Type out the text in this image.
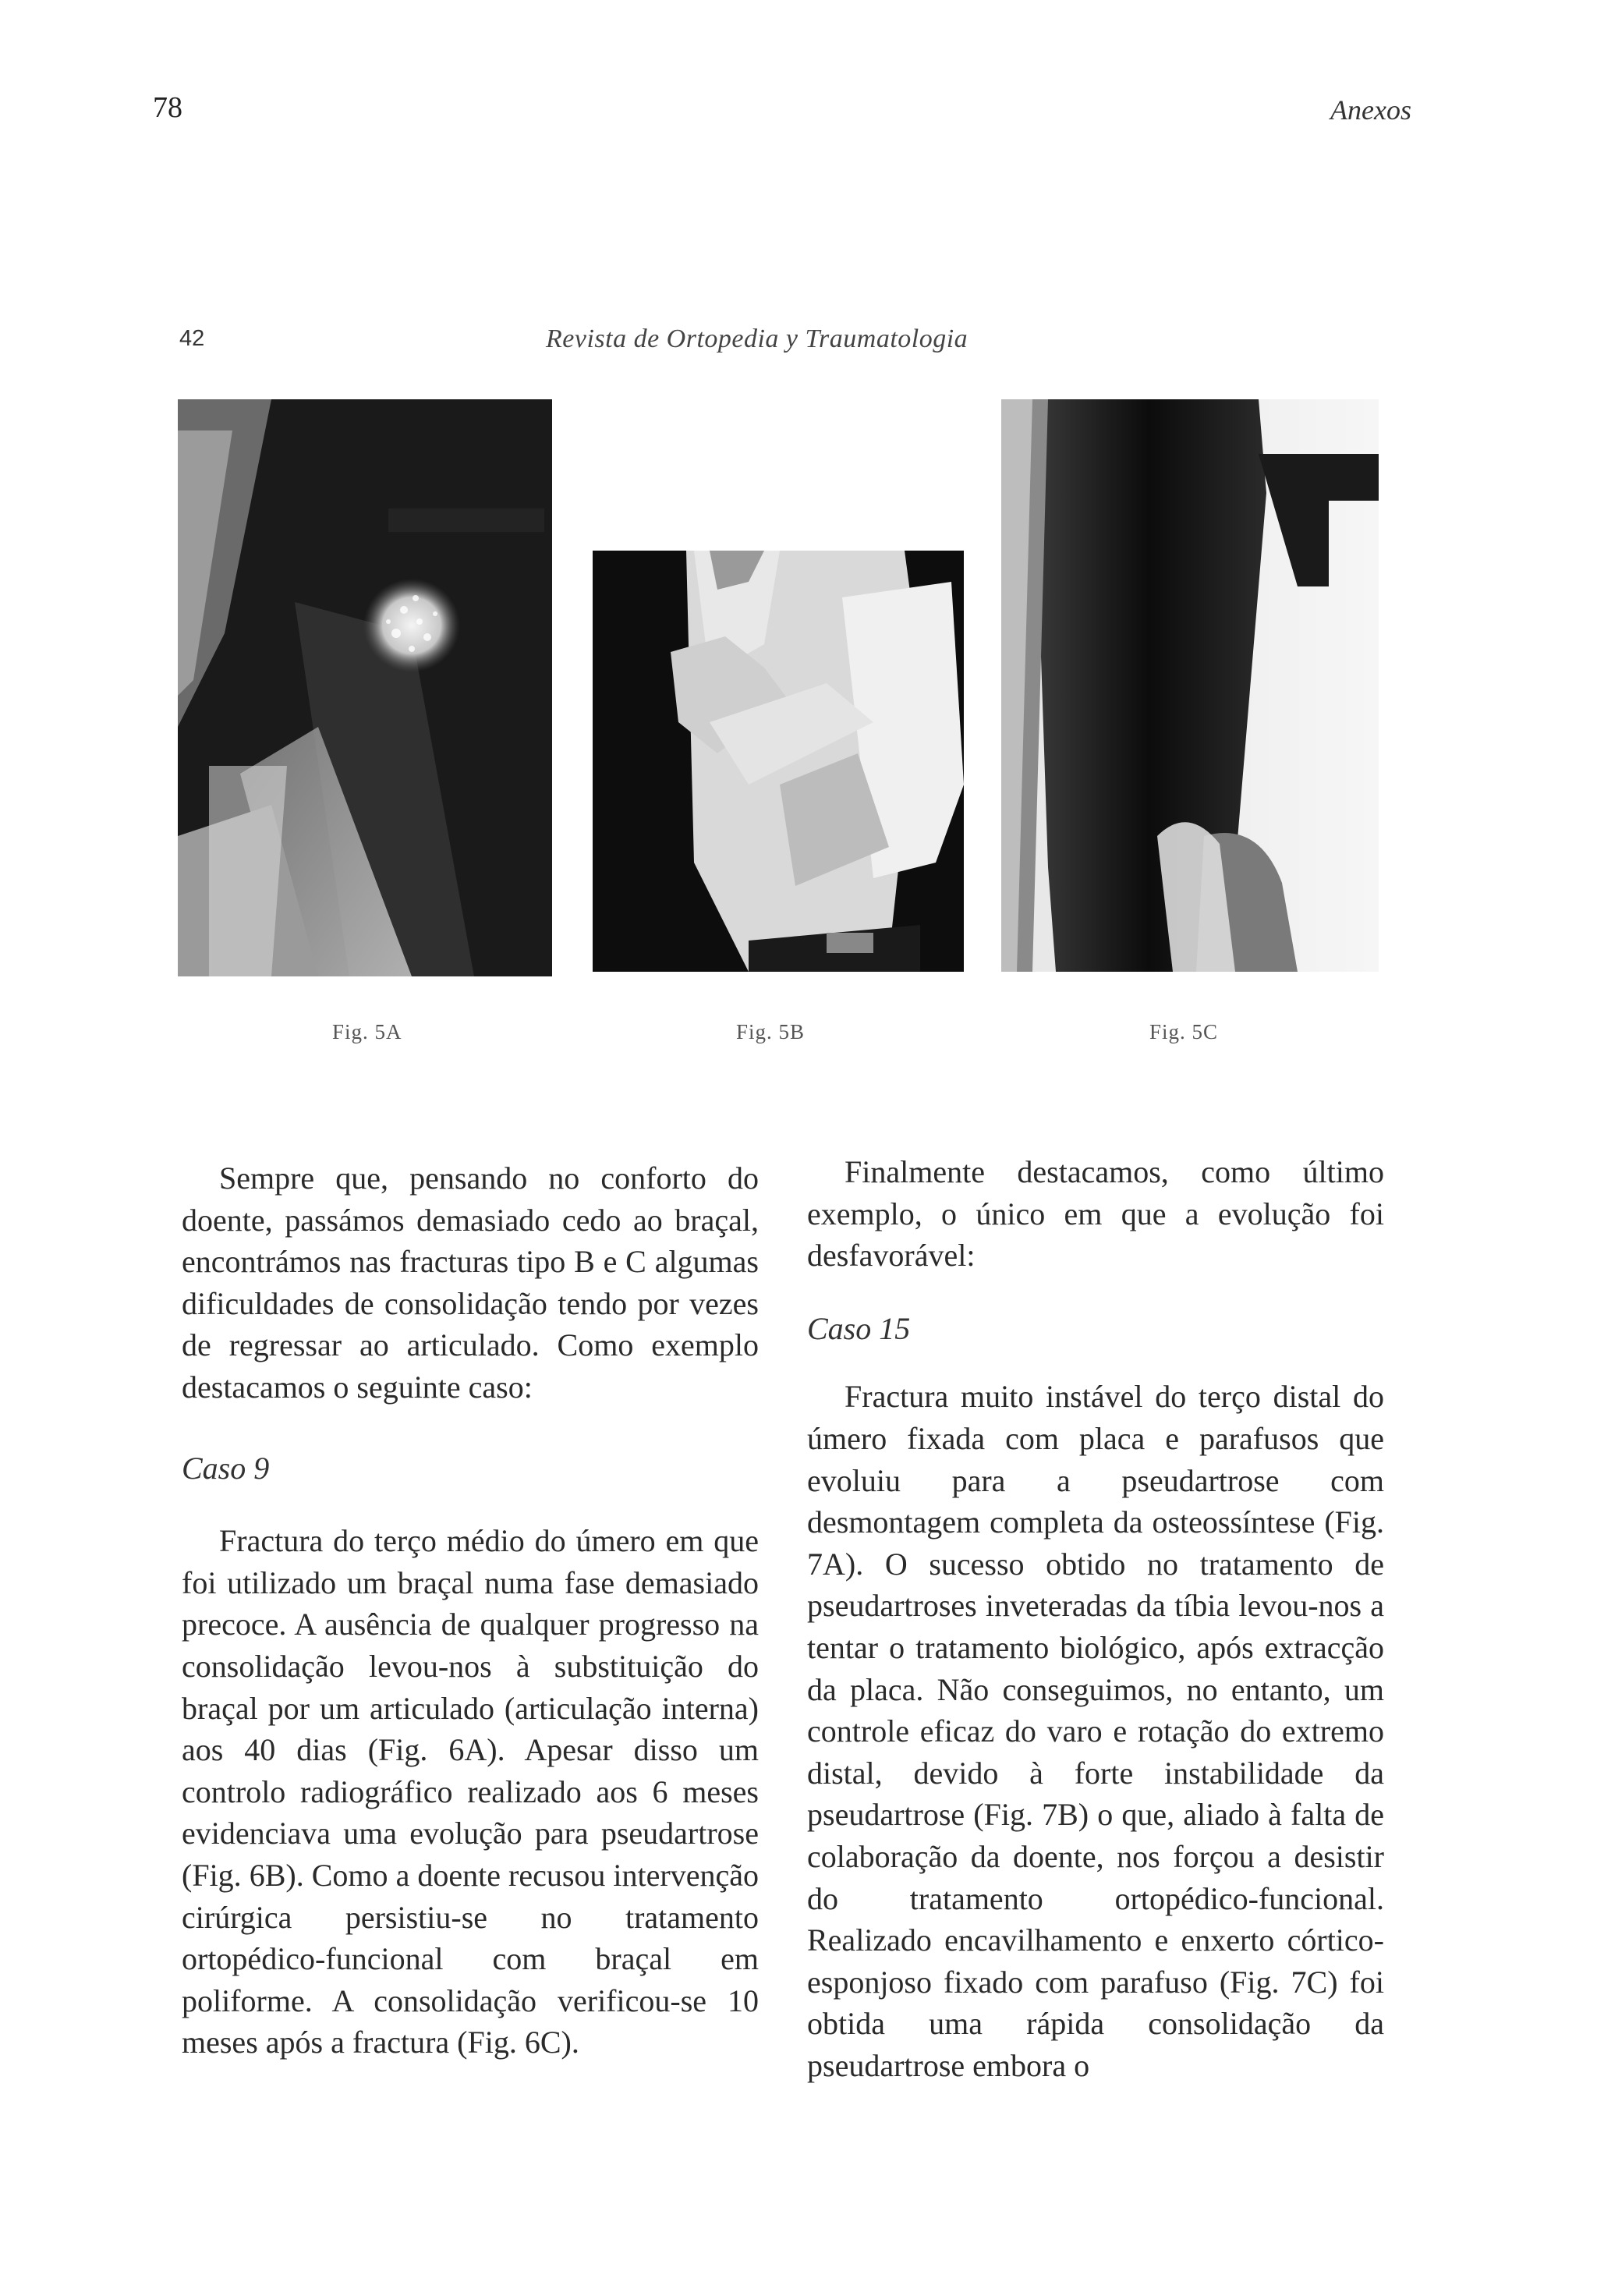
78	Anexos
42	Revista de Ortopedia y Traumatologia
Fig. 5A	Fig. 5B	Fig. 5C

Sempre que, pensando no conforto do doente, passámos demasiado cedo ao braçal, encontrámos nas fracturas tipo B e C algumas dificuldades de consolidação tendo por vezes de regressar ao articulado. Como exemplo destacamos o seguinte caso:

Caso 9

Fractura do terço médio do úmero em que foi utilizado um braçal numa fase demasiado precoce. A ausência de qualquer progresso na consolidação levou-nos à substituição do braçal por um articulado (articulação interna) aos 40 dias (Fig. 6A). Apesar disso um controlo radiográfico realizado aos 6 meses evidenciava uma evolução para pseudartrose (Fig. 6B). Como a doente recusou intervenção cirúrgica persistiu-se no tratamento ortopédico-funcional com braçal em poliforme. A consolidação verificou-se 10 meses após a fractura (Fig. 6C).

Finalmente destacamos, como último exemplo, o único em que a evolução foi desfavorável:

Caso 15

Fractura muito instável do terço distal do úmero fixada com placa e parafusos que evoluiu para a pseudartrose com desmontagem completa da osteossíntese (Fig. 7A). O sucesso obtido no tratamento de pseudartroses inveteradas da tíbia levou-nos a tentar o tratamento biológico, após extracção da placa. Não conseguimos, no entanto, um controle eficaz do varo e rotação do extremo distal, devido à forte instabilidade da pseudartrose (Fig. 7B) o que, aliado à falta de colaboração da doente, nos forçou a desistir do tratamento ortopédico-funcional. Realizado encavilhamento e enxerto córtico-esponjoso fixado com parafuso (Fig. 7C) foi obtida uma rápida consolidação da pseudartrose embora o
